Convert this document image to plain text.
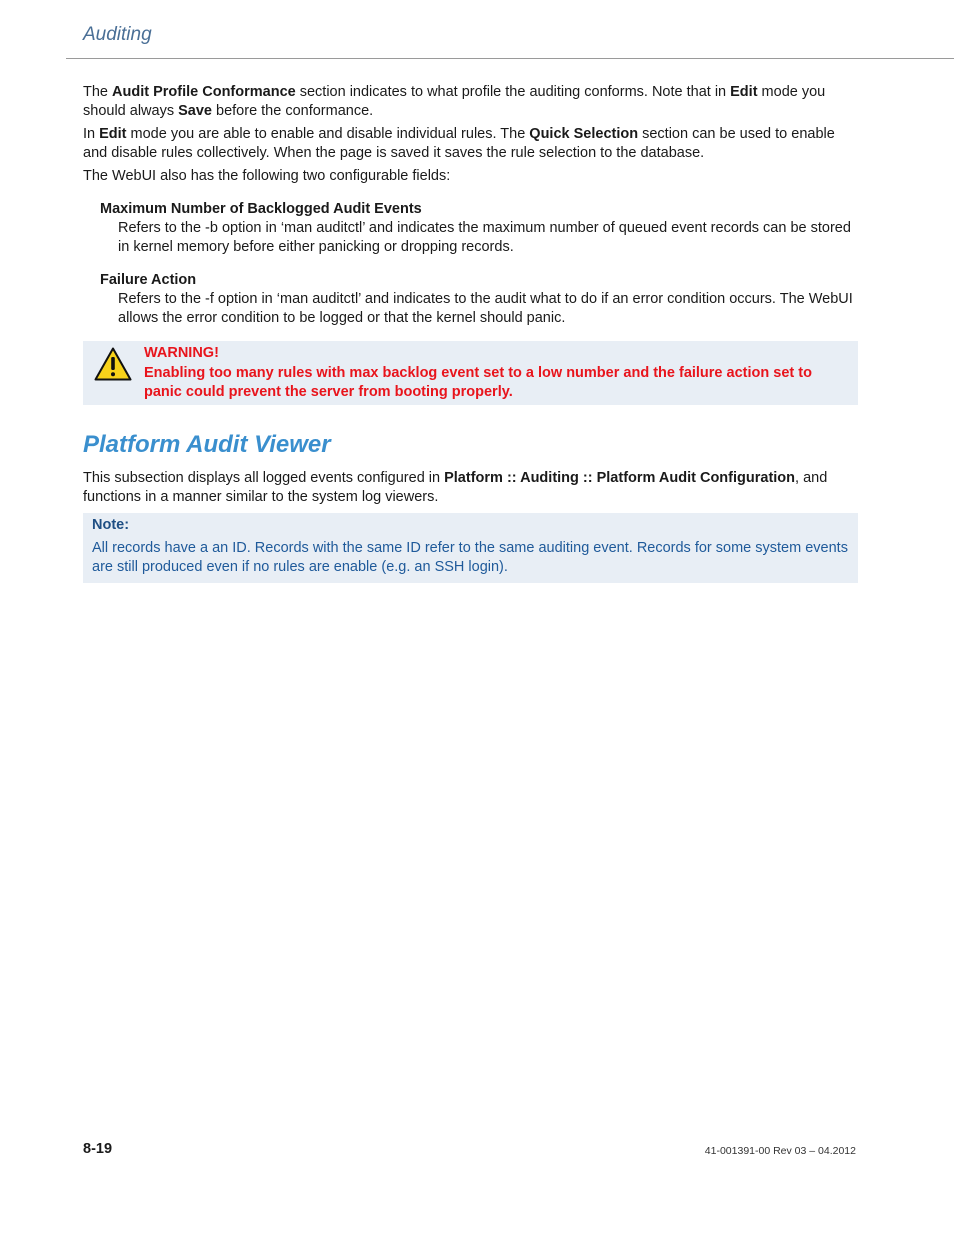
Auditing

The Audit Profile Conformance section indicates to what profile the auditing conforms. Note that in Edit mode you should always Save before the conformance.

In Edit mode you are able to enable and disable individual rules. The Quick Selection section can be used to enable and disable rules collectively. When the page is saved it saves the rule selection to the database.

The WebUI also has the following two configurable fields:

Maximum Number of Backlogged Audit Events
Refers to the -b option in ‘man auditctl’ and indicates the maximum number of queued event records can be stored in kernel memory before either panicking or dropping records.
Failure Action
Refers to the -f option in ‘man auditctl’ and indicates to the audit what to do if an error condition occurs. The WebUI allows the error condition to be logged or that the kernel should panic.
WARNING!
Enabling too many rules with max backlog event set to a low number and the failure action set to panic could prevent the server from booting properly.
Platform Audit Viewer

This subsection displays all logged events configured in Platform :: Auditing :: Platform Audit Configuration, and functions in a manner similar to the system log viewers.

Note:
All records have a an ID. Records with the same ID refer to the same auditing event. Records for some system events are still produced even if no rules are enable (e.g. an SSH login).
8-19	41-001391-00 Rev 03 – 04.2012
